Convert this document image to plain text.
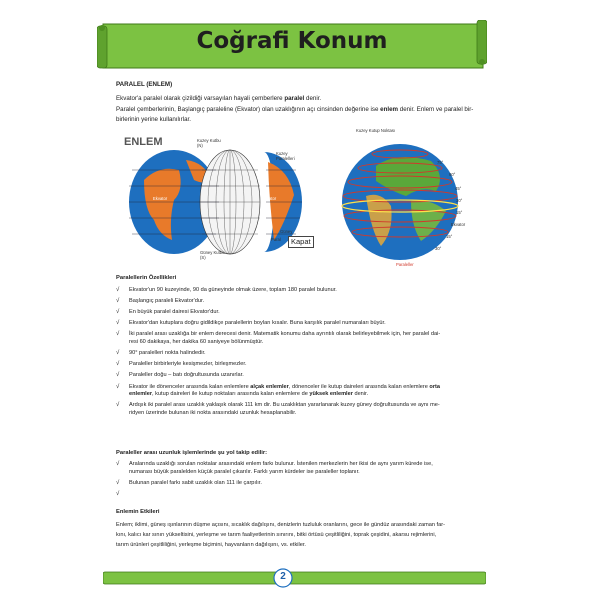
Coğrafi Konum
PARALEL (ENLEM)
Ekvator'a paralel olarak çizildiği varsayılan hayali çemberlere paralel denir.
Paralel çemberlerinin, Başlangıç paraleline (Ekvator) olan uzaklığının açı cinsinden değerine ise enlem denir. Enlem ve paralel bir-
birlerinin yerine kullanılırlar.
ENLEM	Kuzey Kutbu
(N)
Kuzey Paralelleri
Ekvator	Ekvator
Güney
Paral
Güney Kutbu
(S)
Kapat
Kuzey Kutup Noktası
75°
60°
45°
30°
15°
Ekvator
15°
30°
Paraleller
Paralellerin Özellikleri
√ Ekvator'un 90 kuzeyinde, 90 da güneyinde olmak üzere, toplam 180 paralel bulunur.
√ Başlangıç paraleli Ekvator'dur.
√ En büyük paralel dairesi Ekvator'dur.
√ Ekvator'dan kutuplara doğru gidildikçe paralellerin boyları kısalır. Buna karşılık paralel numaraları büyür.
√ İki paralel arası uzaklığa bir enlem derecesi denir. Matematik konumu daha ayrıntılı olarak belirleyebilmek için, her paralel dai-
resi 60 dakikaya, her dakika 60 saniyeye bölünmüştür.
√ 90° paralelleri nokta halindedir.
√ Paraleller birbirleriyle kesişmezler, birleşmezler.
√ Paraleller doğu – batı doğrultusunda uzanırlar.
√ Ekvator ile dönenceler arasında kalan enlemlere alçak enlemler, dönenceler ile kutup daireleri arasında kalan enlemlere orta
enlemler, kutup daireleri ile kutup noktaları arasında kalan enlemlere de yüksek enlemler denir.
√ Ardışık iki paralel arası uzaklık yaklaşık olarak 111 km dir. Bu uzaklıktan yararlanarak kuzey güney doğrultusunda ve aynı me-
ridyen üzerinde bulunan iki nokta arasındaki uzunluk hesaplanabilir.
Paraleller arası uzunluk işlemlerinde şu yol takip edilir:
√ Aralarında uzaklığı sorulan noktalar arasındaki enlem farkı bulunur. İstenilen merkezlerin her ikisi de aynı yarım kürede ise,
numarası büyük paralelden küçük paralel çıkarılır. Farklı yarım kürdeler ise paraleller toplanır.
√ Bulunan paralel farkı sabit uzaklık olan 111 ile çarpılır.
√
Enlemin Etkileri

Enlem; iklimi, güneş ışınlarının düşme açısını, sıcaklık dağılışını, denizlerin tuzluluk oranlarını, gece ile gündüz arasındaki zaman far-

kını, kalıcı kar sınırı yükseltisini, yerleşme ve tarım faaliyetlerinin sınırını, bitki örtüsü çeşitliliğini, toprak çeşidini, akarsu rejimlerini,

tarım ürünleri çeşitliliğini, yerleşme biçimini, hayvanların dağılışını, vs. etkiler.

2
